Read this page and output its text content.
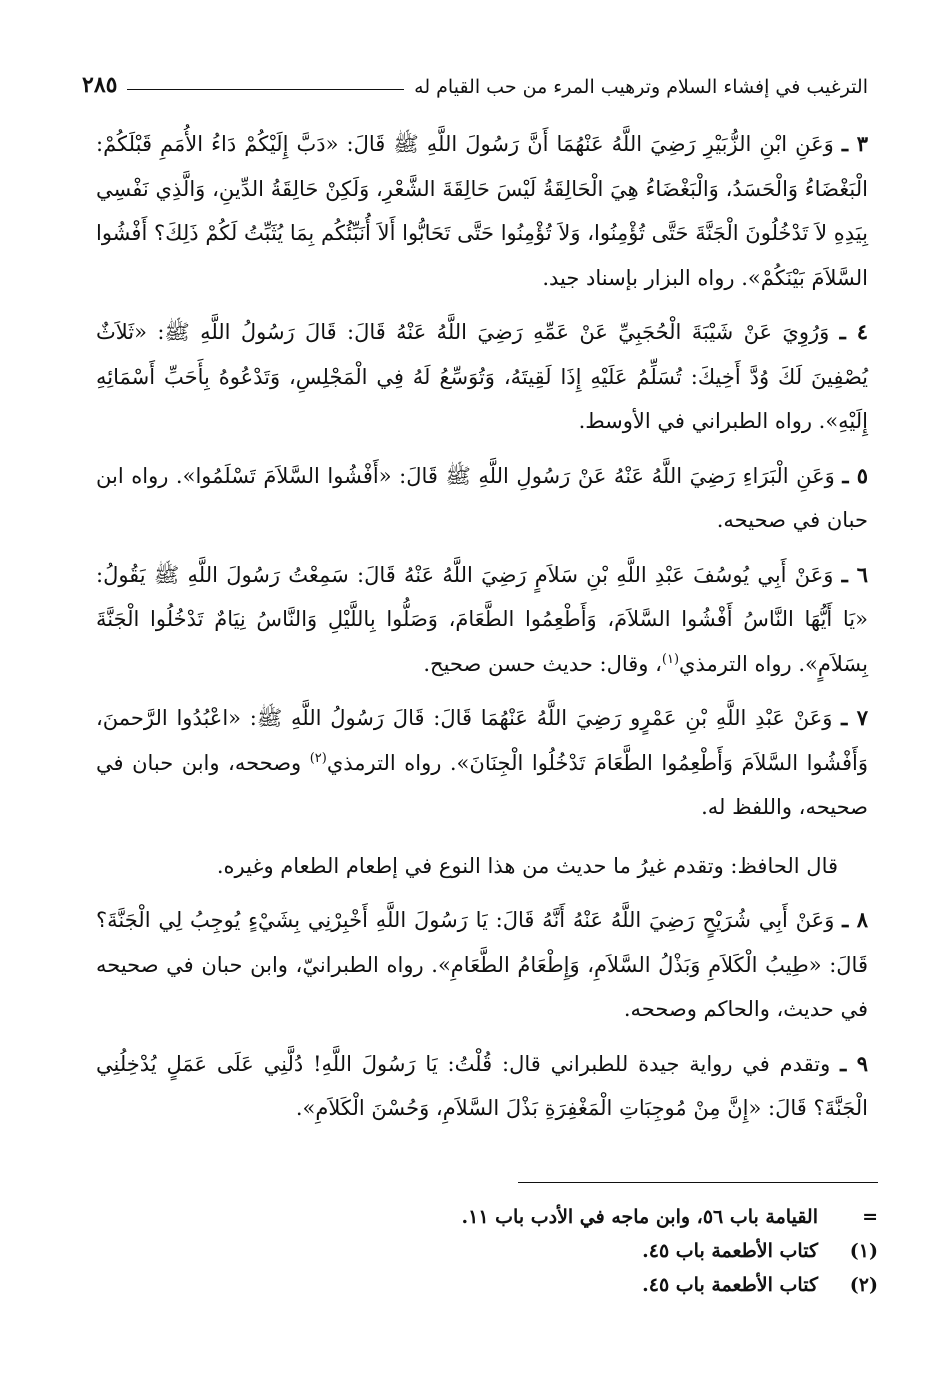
الترغيب في إفشاء السلام وترهيب المرء من حب القيام له
٢٨٥

٣ ـ وَعَنِ ابْنِ الزُّبَيْرِ رَضِيَ اللَّهُ عَنْهُمَا أَنَّ رَسُولَ اللَّهِ ﷺ قَالَ: «دَبَّ إِلَيْكُمْ دَاءُ الأُمَمِ قَبْلَكُمْ: الْبَغْضَاءُ وَالْحَسَدُ، وَالْبَغْضَاءُ هِيَ الْحَالِقَةُ لَيْسَ حَالِقَةَ الشَّعْرِ، وَلَكِنْ حَالِقَةُ الدِّينِ، وَالَّذِي نَفْسِي بِيَدِهِ لاَ تَدْخُلُونَ الْجَنَّةَ حَتَّى تُؤْمِنُوا، وَلاَ تُؤْمِنُوا حَتَّى تَحَابُّوا أَلاَ أُنَبِّئُكُم بِمَا يُثَبِّتُ لَكُمْ ذَلِكَ؟ أَفْشُوا السَّلاَمَ بَيْنَكُمْ». رواه البزار بإسناد جيد.

٤ ـ وَرُوِيَ عَنْ شَيْبَةَ الْحُجَبِيِّ عَنْ عَمِّهِ رَضِيَ اللَّهُ عَنْهُ قَالَ: قَالَ رَسُولُ اللَّهِ ﷺ: «ثَلاَثٌ يُصْفِينَ لَكَ وُدَّ أَخِيكَ: تُسَلِّمُ عَلَيْهِ إِذَا لَقِيتَهُ، وَتُوَسِّعُ لَهُ فِي الْمَجْلِسِ، وَتَدْعُوهُ بِأَحَبِّ أَسْمَائِهِ إِلَيْهِ». رواه الطبراني في الأوسط.

٥ ـ وَعَنِ الْبَرَاءِ رَضِيَ اللَّهُ عَنْهُ عَنْ رَسُولِ اللَّهِ ﷺ قَالَ: «أَفْشُوا السَّلاَمَ تَسْلَمُوا». رواه ابن حبان في صحيحه.

٦ ـ وَعَنْ أَبِي يُوسُفَ عَبْدِ اللَّهِ بْنِ سَلاَمٍ رَضِيَ اللَّهُ عَنْهُ قَالَ: سَمِعْتُ رَسُولَ اللَّهِ ﷺ يَقُولُ: «يَا أَيُّهَا النَّاسُ أَفْشُوا السَّلاَمَ، وَأَطْعِمُوا الطَّعَامَ، وَصَلُّوا بِاللَّيْلِ وَالنَّاسُ نِيَامٌ تَدْخُلُوا الْجَنَّةَ بِسَلاَمٍ». رواه الترمذي$^{(١)}$، وقال: حديث حسن صحيح.

٧ ـ وَعَنْ عَبْدِ اللَّهِ بْنِ عَمْرٍو رَضِيَ اللَّهُ عَنْهُمَا قَالَ: قَالَ رَسُولُ اللَّهِ ﷺ: «اعْبُدُوا الرَّحمنَ، وَأَفْشُوا السَّلاَمَ وَأَطْعِمُوا الطَّعَامَ تَدْخُلُوا الْجِنَانَ». رواه الترمذي$^{(٢)}$ وصححه، وابن حبان في صحيحه، واللفظ له.

قال الحافظ: وتقدم غيرُ ما حديث من هذا النوع في إطعام الطعام وغيره.

٨ ـ وَعَنْ أَبِي شُرَيْحٍ رَضِيَ اللَّهُ عَنْهُ أَنَّهُ قَالَ: يَا رَسُولَ اللَّهِ أَخْبِرْنِي بِشَيْءٍ يُوجِبُ لِي الْجَنَّةَ؟ قَالَ: «طِيبُ الْكَلاَمِ وَبَذْلُ السَّلاَمِ، وَإِطْعَامُ الطَّعَامِ». رواه الطبرانيّ، وابن حبان في صحيحه في حديث، والحاكم وصححه.

٩ ـ وتقدم في رواية جيدة للطبراني قال: قُلْتُ: يَا رَسُولَ اللَّهِ! دُلَّنِي عَلَى عَمَلٍ يُدْخِلُنِي الْجَنَّةَ؟ قَالَ: «إِنَّ مِنْ مُوجِبَاتِ الْمَغْفِرَةِ بَذْلَ السَّلاَمِ، وَحُسْنَ الْكَلاَمِ».

=
القيامة باب ٥٦، وابن ماجه في الأدب باب ١١.
(١)
كتاب الأطعمة باب ٤٥.
(٢)
كتاب الأطعمة باب ٤٥.
